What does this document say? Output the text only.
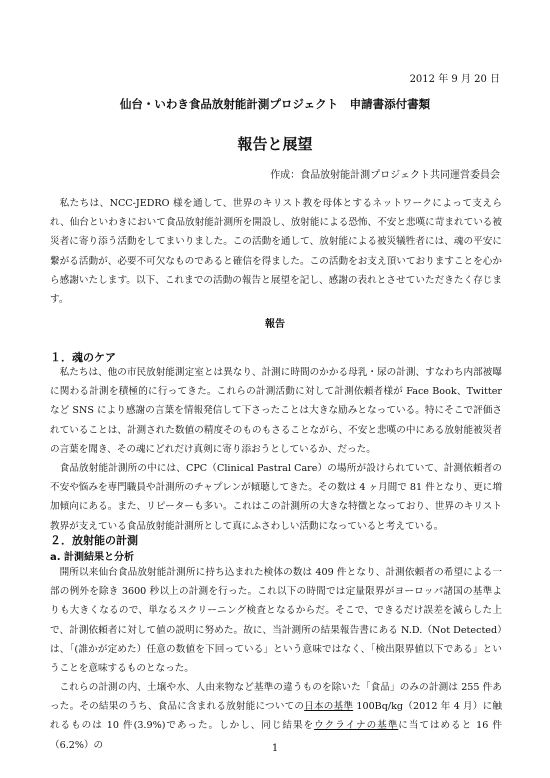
2012 年 9 月 20 日
仙台・いわき食品放射能計測プロジェクト　申請書添付書類
報告と展望
作成：食品放射能計測プロジェクト共同運営委員会
私たちは、NCC-JEDRO 様を通して、世界のキリスト教を母体とするネットワークによって支えられ、仙台といわきにおいて食品放射能計測所を開設し、放射能による恐怖、不安と悲嘆に苛まれている被災者に寄り添う活動をしてまいりました。この活動を通して、放射能による被災犠牲者には、魂の平安に繋がる活動が、必要不可欠なものであると確信を得ました。この活動をお支え頂いておりますことを心から感謝いたします。以下、これまでの活動の報告と展望を記し、感謝の表れとさせていただきたく存じます。
報告
１．魂のケア
私たちは、他の市民放射能測定室とは異なり、計測に時間のかかる母乳・尿の計測、すなわち内部被曝に関わる計測を積極的に行ってきた。これらの計測活動に対して計測依頼者様が Face Book、Twitter など SNS により感謝の言葉を情報発信して下さったことは大きな励みとなっている。特にそこで評価されていることは、計測された数値の精度そのものもさることながら、不安と悲嘆の中にある放射能被災者の言葉を聞き、その魂にどれだけ真剣に寄り添おうとしているか、だった。
食品放射能計測所の中には、CPC（Clinical Pastral Care）の場所が設けられていて、計測依頼者の不安や悩みを専門職員や計測所のチャプレンが傾聴してきた。その数は 4 ヶ月間で 81 件となり、更に増加傾向にある。また、リピーターも多い。これはこの計測所の大きな特徴となっており、世界のキリスト教界が支えている食品放射能計測所として真にふさわしい活動になっていると考えている。
２．放射能の計測
a. 計測結果と分析
開所以来仙台食品放射能計測所に持ち込まれた検体の数は 409 件となり、計測依頼者の希望による一部の例外を除き 3600 秒以上の計測を行った。これ以下の時間では定量限界がヨーロッパ諸国の基準よりも大きくなるので、単なるスクリーニング検査となるからだ。そこで、できるだけ誤差を減らした上で、計測依頼者に対して値の説明に努めた。故に、当計測所の結果報告書にある N.D.（Not Detected）は、「(誰かが定めた）任意の数値を下回っている」という意味ではなく、「検出限界値以下である」ということを意味するものとなった。
これらの計測の内、土壌や水、人由来物など基準の違うものを除いた「食品」のみの計測は 255 件あった。その結果のうち、食品に含まれる放射能についての日本の基準 100Bq/kg（2012 年 4 月）に触れるものは 10 件(3.9%)であった。しかし、同じ結果をウクライナの基準に当てはめると 16 件（6.2%）の	1
